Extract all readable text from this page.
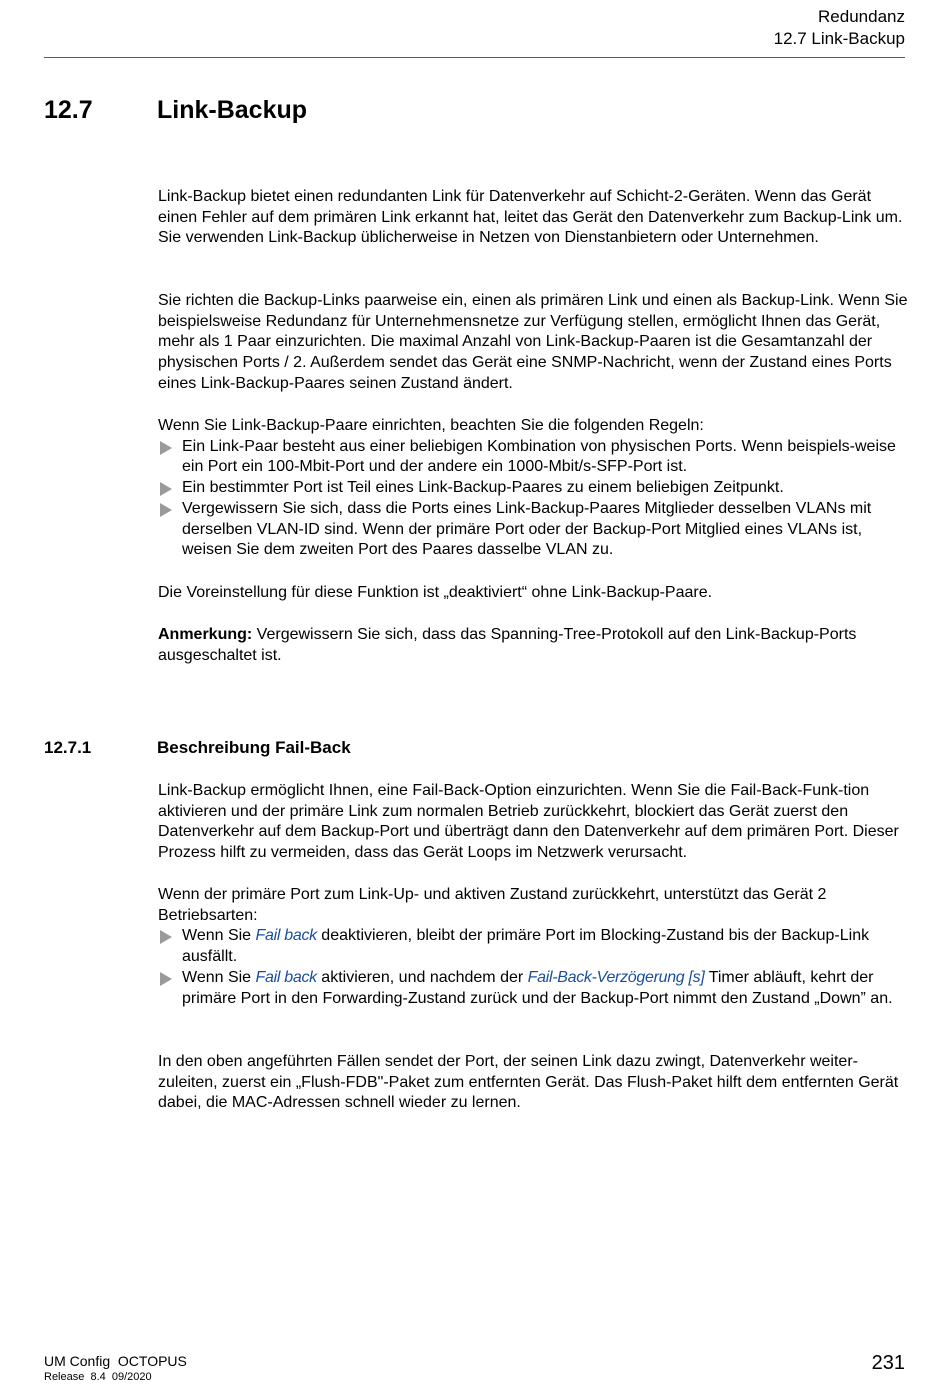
Redundanz
12.7 Link-Backup
12.7	Link-Backup

Link-Backup bietet einen redundanten Link für Datenverkehr auf Schicht-2-Geräten. Wenn das Gerät einen Fehler auf dem primären Link erkannt hat, leitet das Gerät den Datenverkehr zum Backup-Link um. Sie verwenden Link-Backup üblicherweise in Netzen von Dienstanbietern oder Unternehmen.

Sie richten die Backup-Links paarweise ein, einen als primären Link und einen als Backup-Link. Wenn Sie beispielsweise Redundanz für Unternehmensnetze zur Verfügung stellen, ermöglicht Ihnen das Gerät, mehr als 1 Paar einzurichten. Die maximal Anzahl von Link-Backup-Paaren ist die Gesamtanzahl der physischen Ports / 2. Außerdem sendet das Gerät eine SNMP-Nachricht, wenn der Zustand eines Ports eines Link-Backup-Paares seinen Zustand ändert.

Wenn Sie Link-Backup-Paare einrichten, beachten Sie die folgenden Regeln:

Ein Link-Paar besteht aus einer beliebigen Kombination von physischen Ports. Wenn beispiels-weise ein Port ein 100-Mbit-Port und der andere ein 1000-Mbit/s-SFP-Port ist.
Ein bestimmter Port ist Teil eines Link-Backup-Paares zu einem beliebigen Zeitpunkt.
Vergewissern Sie sich, dass die Ports eines Link-Backup-Paares Mitglieder desselben VLANs mit derselben VLAN-ID sind. Wenn der primäre Port oder der Backup-Port Mitglied eines VLANs ist, weisen Sie dem zweiten Port des Paares dasselbe VLAN zu.

Die Voreinstellung für diese Funktion ist „deaktiviert“ ohne Link-Backup-Paare.

Anmerkung: Vergewissern Sie sich, dass das Spanning-Tree-Protokoll auf den Link-Backup-Ports ausgeschaltet ist.

12.7.1	Beschreibung Fail-Back

Link-Backup ermöglicht Ihnen, eine Fail-Back-Option einzurichten. Wenn Sie die Fail-Back-Funk-tion aktivieren und der primäre Link zum normalen Betrieb zurückkehrt, blockiert das Gerät zuerst den Datenverkehr auf dem Backup-Port und überträgt dann den Datenverkehr auf dem primären Port. Dieser Prozess hilft zu vermeiden, dass das Gerät Loops im Netzwerk verursacht.

Wenn der primäre Port zum Link-Up- und aktiven Zustand zurückkehrt, unterstützt das Gerät 2 Betriebsarten:

Wenn Sie Fail back deaktivieren, bleibt der primäre Port im Blocking-Zustand bis der Backup-Link ausfällt.
Wenn Sie Fail back aktivieren, und nachdem der Fail-Back-Verzögerung [s] Timer abläuft, kehrt der primäre Port in den Forwarding-Zustand zurück und der Backup-Port nimmt den Zustand „Down” an.

In den oben angeführten Fällen sendet der Port, der seinen Link dazu zwingt, Datenverkehr weiter-zuleiten, zuerst ein „Flush-FDB"-Paket zum entfernten Gerät. Das Flush-Paket hilft dem entfernten Gerät dabei, die MAC-Adressen schnell wieder zu lernen.

UM Config  OCTOPUS
Release  8.4  09/2020
231
